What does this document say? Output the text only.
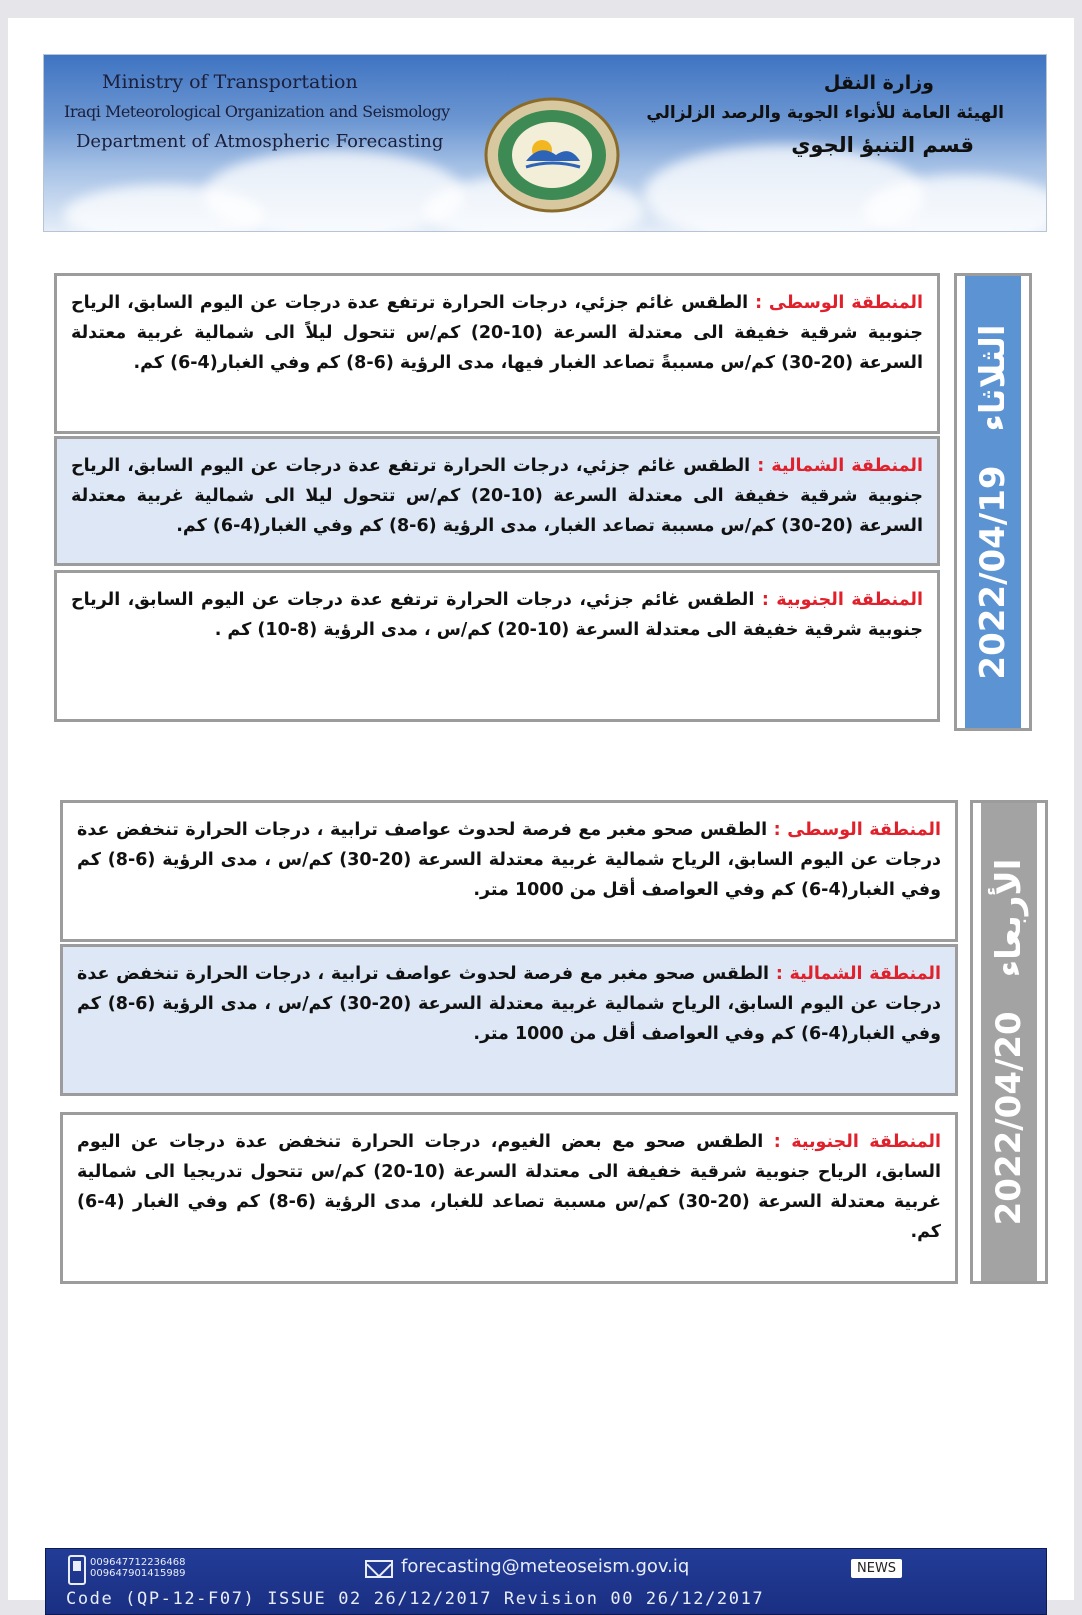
Ministry of Transportation
Iraqi Meteorological Organization and Seismology
Department of Atmospheric Forecasting
وزارة النقل
الهيئة العامة للأنواء الجوية والرصد الزلزالي
قسم التنبؤ الجوي
المنطقة الوسطى : الطقس غائم جزئي، درجات الحرارة ترتفع عدة درجات عن اليوم السابق، الرياح جنوبية شرقية خفيفة الى معتدلة السرعة (10-20) كم/س تتحول ليلاً الى شمالية غربية معتدلة السرعة (20-30) كم/س مسببةً تصاعد الغبار فيها، مدى الرؤية (6-8) كم وفي الغبار(4-6) كم.
المنطقة الشمالية : الطقس غائم جزئي، درجات الحرارة ترتفع عدة درجات عن اليوم السابق، الرياح جنوبية شرقية خفيفة الى معتدلة السرعة (10-20) كم/س تتحول ليلا الى شمالية غربية معتدلة السرعة (20-30) كم/س مسببة تصاعد الغبار، مدى الرؤية (6-8) كم وفي الغبار(4-6) كم.
المنطقة الجنوبية : الطقس غائم جزئي، درجات الحرارة ترتفع عدة درجات عن اليوم السابق، الرياح جنوبية شرقية خفيفة الى معتدلة السرعة (10-20) كم/س ، مدى الرؤية (8-10) كم .	2022/04/19الثلاثاء
المنطقة الوسطى : الطقس صحو مغبر مع فرصة لحدوث عواصف ترابية ، درجات الحرارة تنخفض عدة درجات عن اليوم السابق، الرياح شمالية غربية معتدلة السرعة (20-30) كم/س ، مدى الرؤية (6-8) كم وفي الغبار(4-6) كم وفي العواصف أقل من 1000 متر.
المنطقة الشمالية : الطقس صحو مغبر مع فرصة لحدوث عواصف ترابية ، درجات الحرارة تنخفض عدة درجات عن اليوم السابق، الرياح شمالية غربية معتدلة السرعة (20-30) كم/س ، مدى الرؤية (6-8) كم وفي الغبار(4-6) كم وفي العواصف أقل من 1000 متر.
المنطقة الجنوبية : الطقس صحو مع بعض الغيوم، درجات الحرارة تنخفض عدة درجات عن اليوم السابق، الرياح جنوبية شرقية خفيفة الى معتدلة السرعة (10-20) كم/س تتحول تدريجيا الى شمالية غربية معتدلة السرعة (20-30) كم/س مسببة تصاعد للغبار، مدى الرؤية (6-8) كم وفي الغبار (4-6) كم.
2022/04/20الأربعاء
009647712236468
009647901415989	forecasting@meteoseism.gov.iq	NEWS
Code (QP-12-F07) ISSUE 02 26/12/2017 Revision 00 26/12/2017
